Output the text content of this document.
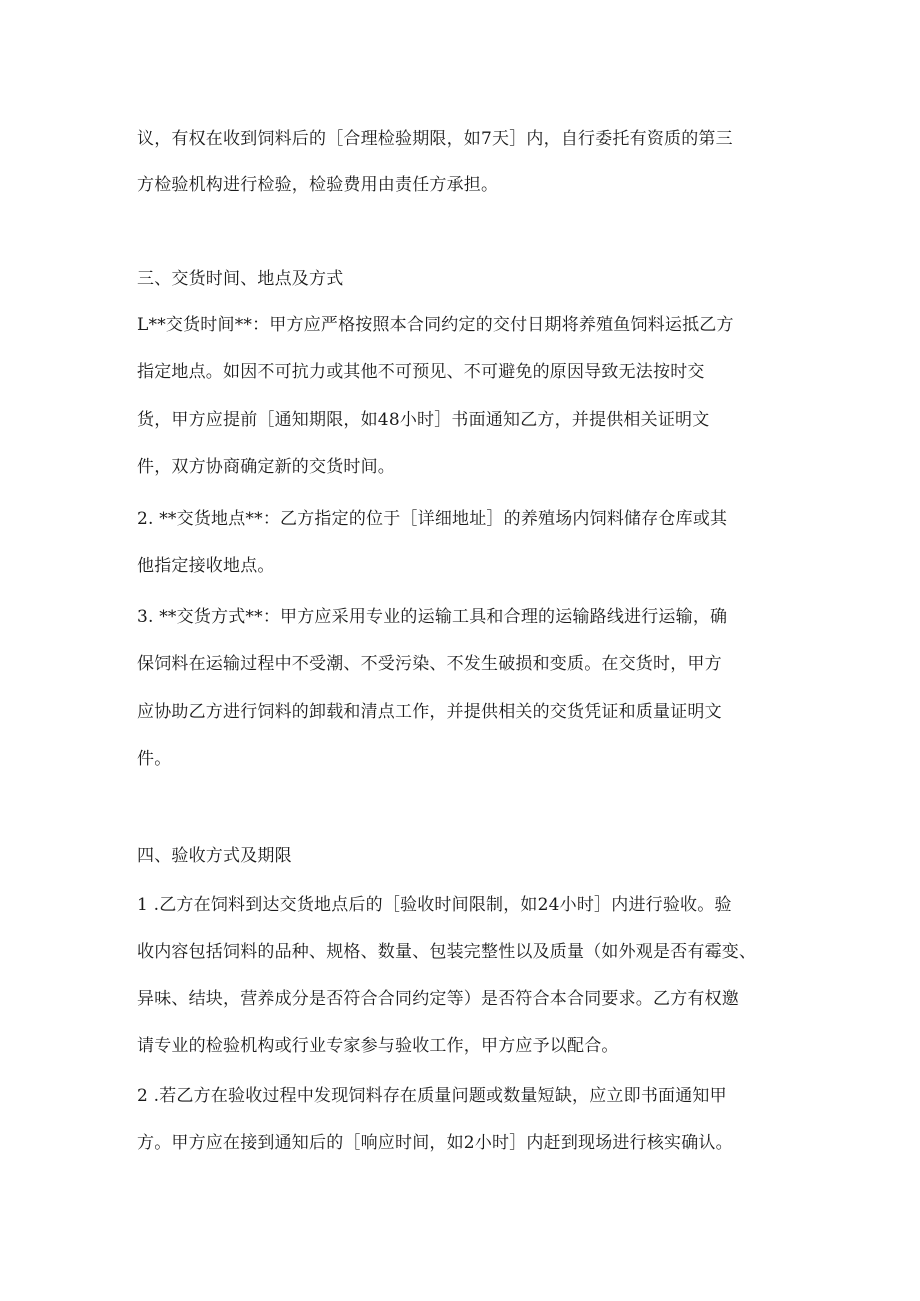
议，有权在收到饲料后的［合理检验期限，如7天］内，自行委托有资质的第三
方检验机构进行检验，检验费用由责任方承担。
三、交货时间、地点及方式
L**交货时间**：甲方应严格按照本合同约定的交付日期将养殖鱼饲料运抵乙方
指定地点。如因不可抗力或其他不可预见、不可避免的原因导致无法按时交
货，甲方应提前［通知期限，如48小时］书面通知乙方，并提供相关证明文
件，双方协商确定新的交货时间。
2. **交货地点**：乙方指定的位于［详细地址］的养殖场内饲料储存仓库或其
他指定接收地点。
3. **交货方式**：甲方应采用专业的运输工具和合理的运输路线进行运输，确
保饲料在运输过程中不受潮、不受污染、不发生破损和变质。在交货时，甲方
应协助乙方进行饲料的卸载和清点工作，并提供相关的交货凭证和质量证明文
件。
四、验收方式及期限
1 .乙方在饲料到达交货地点后的［验收时间限制，如24小时］内进行验收。验
收内容包括饲料的品种、规格、数量、包装完整性以及质量（如外观是否有霉变、
异味、结块，营养成分是否符合合同约定等）是否符合本合同要求。乙方有权邀
请专业的检验机构或行业专家参与验收工作，甲方应予以配合。
2 .若乙方在验收过程中发现饲料存在质量问题或数量短缺，应立即书面通知甲
方。甲方应在接到通知后的［响应时间，如2小时］内赶到现场进行核实确认。
